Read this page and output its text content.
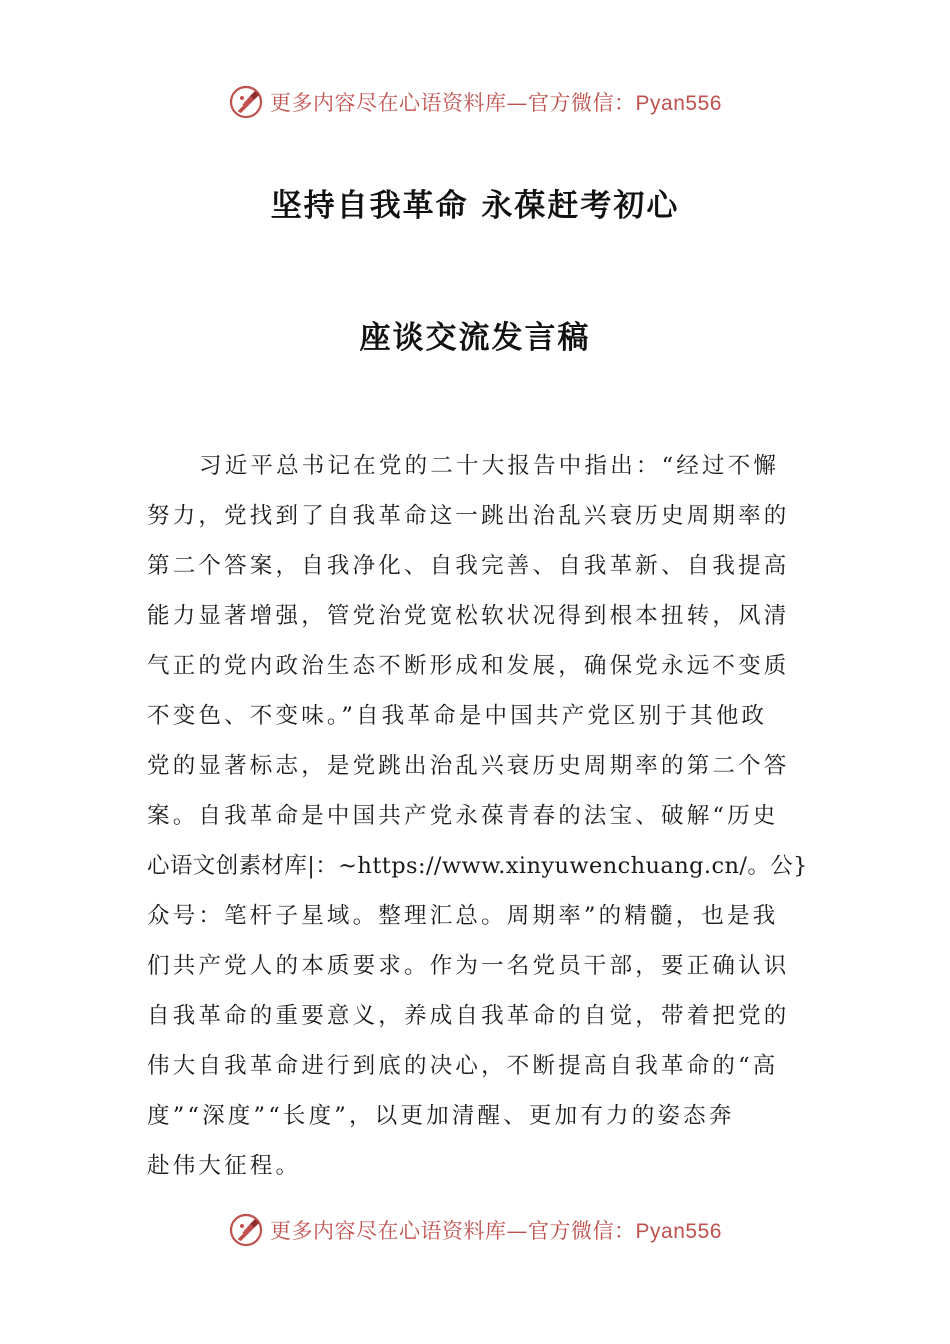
更多内容尽在心语资料库—官方微信：Pyan556
坚持自我革命 永葆赶考初心
座谈交流发言稿
习近平总书记在党的二十大报告中指出：“经过不懈
努力，党找到了自我革命这一跳出治乱兴衰历史周期率的
第二个答案，自我净化、自我完善、自我革新、自我提高
能力显著增强，管党治党宽松软状况得到根本扭转，风清
气正的党内政治生态不断形成和发展，确保党永远不变质
不变色、不变味。”自我革命是中国共产党区别于其他政
党的显著标志，是党跳出治乱兴衰历史周期率的第二个答
案。自我革命是中国共产党永葆青春的法宝、破解“历史
心语文创素材库|：~https://www.xinyuwenchuang.cn/。公}
众号：笔杆子星域。整理汇总。周期率”的精髓，也是我
们共产党人的本质要求。作为一名党员干部，要正确认识
自我革命的重要意义，养成自我革命的自觉，带着把党的
伟大自我革命进行到底的决心，不断提高自我革命的“高
度”“深度”“长度”，以更加清醒、更加有力的姿态奔
赴伟大征程。
更多内容尽在心语资料库—官方微信：Pyan556
